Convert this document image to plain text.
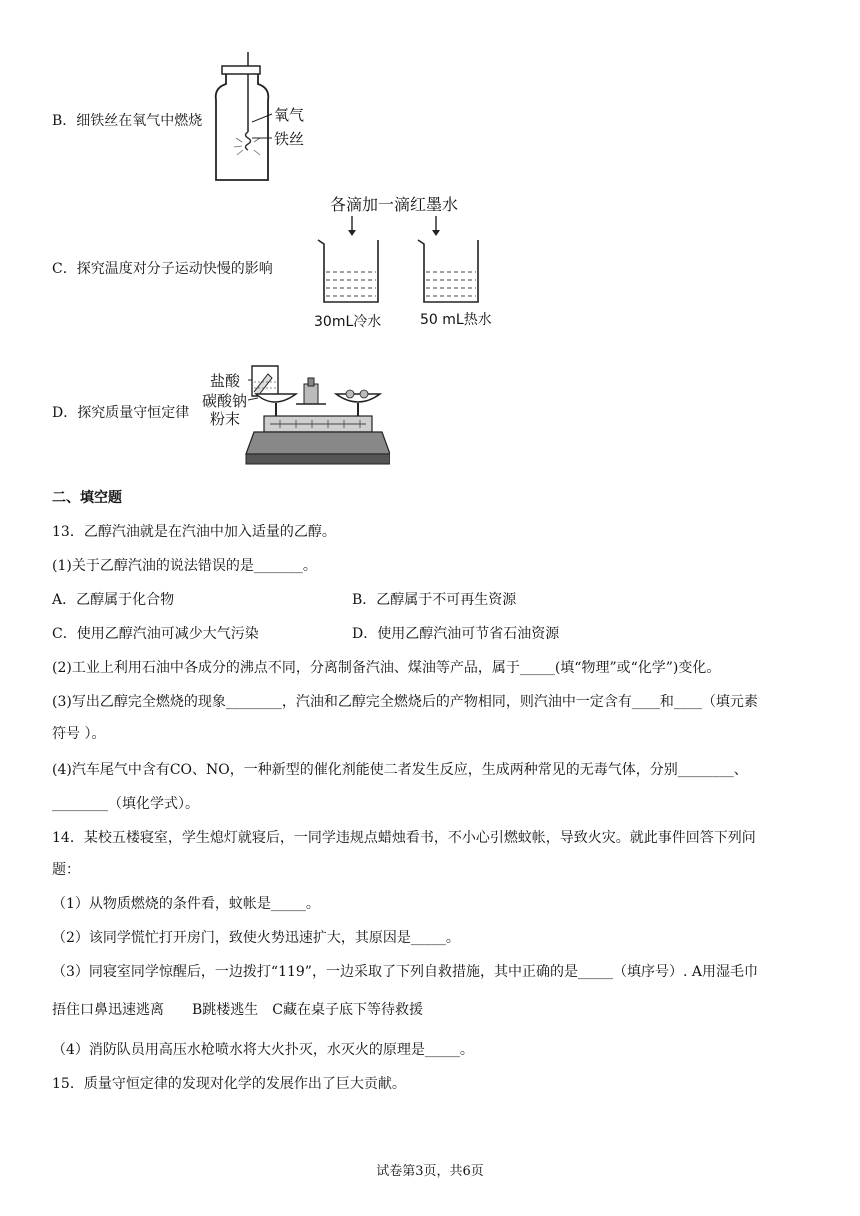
B．细铁丝在氧气中燃烧	氧气
铁丝
C．探究温度对分子运动快慢的影响
各滴加一滴红墨水
30mL冷水	50 mL热水
D．探究质量守恒定律
盐酸
碳酸钠
粉末
二、填空题
13．乙醇汽油就是在汽油中加入适量的乙醇。
(1)关于乙醇汽油的说法错误的是_______。
A．乙醇属于化合物	B．乙醇属于不可再生资源
C．使用乙醇汽油可减少大气污染	D．使用乙醇汽油可节省石油资源
(2)工业上利用石油中各成分的沸点不同，分离制备汽油、煤油等产品，属于_____(填“物理”或“化学”)变化。
(3)写出乙醇完全燃烧的现象________，汽油和乙醇完全燃烧后的产物相同，则汽油中一定含有____和____（填元素
符号 ）。
(4)汽车尾气中含有CO、NO，一种新型的催化剂能使二者发生反应，生成两种常见的无毒气体，分别________、
________（填化学式）。
14．某校五楼寝室，学生熄灯就寝后，一同学违规点蜡烛看书，不小心引燃蚊帐，导致火灾。就此事件回答下列问
题：
（1）从物质燃烧的条件看，蚊帐是_____。
（2）该同学慌忙打开房门，致使火势迅速扩大，其原因是_____。
（3）同寝室同学惊醒后，一边拨打“119”，一边采取了下列自救措施，其中正确的是_____（填序号）. A用湿毛巾
捂住口鼻迅速逃离　　B跳楼逃生　C藏在桌子底下等待救援
（4）消防队员用高压水枪喷水将大火扑灭，水灭火的原理是_____。
15．质量守恒定律的发现对化学的发展作出了巨大贡献。
试卷第3页，共6页
